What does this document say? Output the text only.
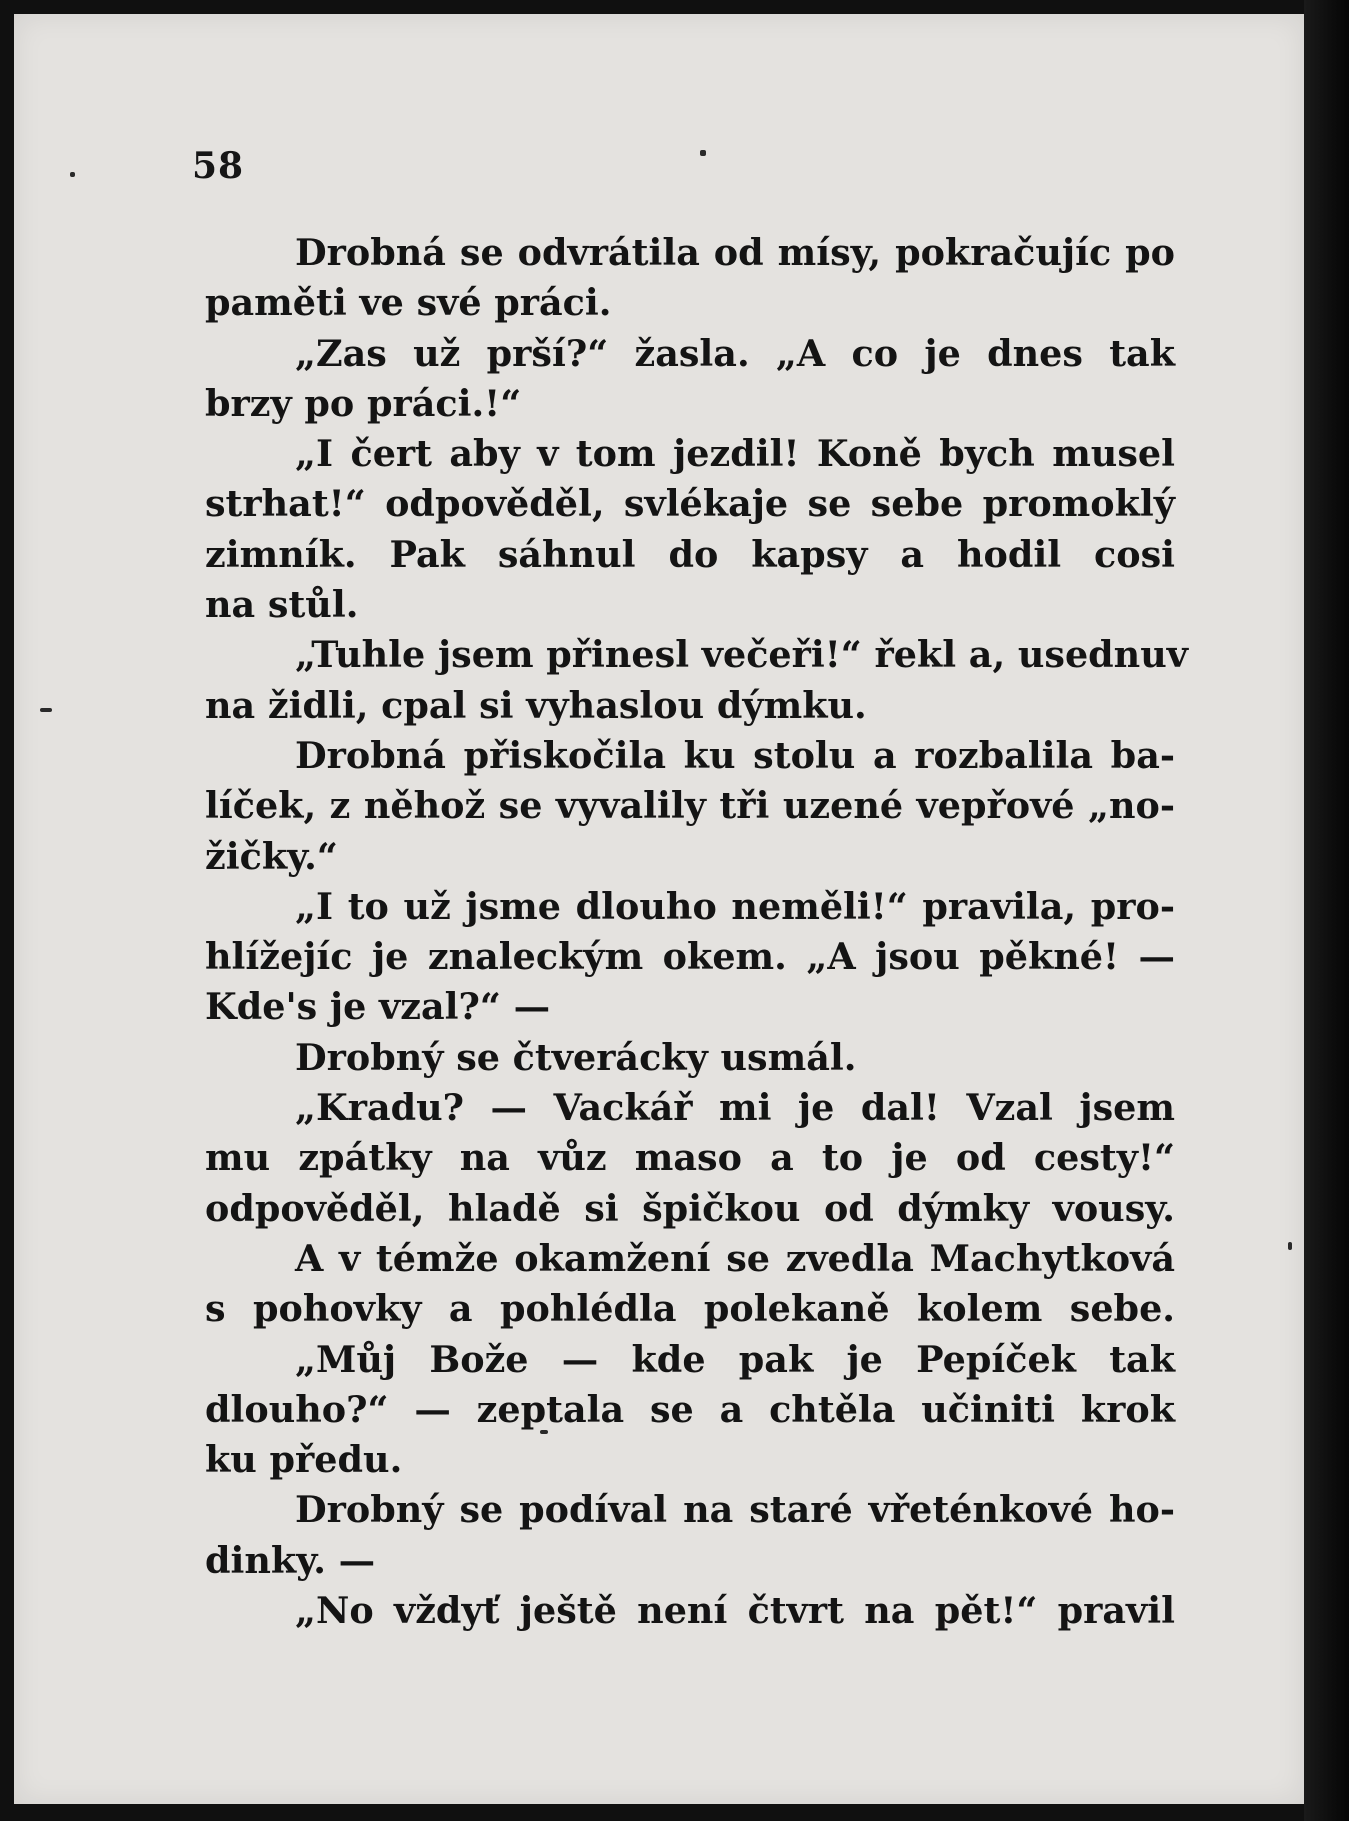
58
Drobná se odvrátila od mísy, pokračujíc po
paměti ve své práci.
„Zas už prší?“ žasla. „A co je dnes tak
brzy po práci.!“
„I čert aby v tom jezdil! Koně bych musel
strhat!“ odpověděl, svlékaje se sebe promoklý
zimník. Pak sáhnul do kapsy a hodil cosi
na stůl.
„Tuhle jsem přinesl večeři!“ řekl a, usednuv
na židli, cpal si vyhaslou dýmku.
Drobná přiskočila ku stolu a rozbalila ba-
líček, z něhož se vyvalily tři uzené vepřové „no-
žičky.“
„I to už jsme dlouho neměli!“ pravila, pro-
hlížejíc je znaleckým okem. „A jsou pěkné! —
Kde's je vzal?“ —
Drobný se čtverácky usmál.
„Kradu? — Vackář mi je dal! Vzal jsem
mu zpátky na vůz maso a to je od cesty!“
odpověděl, hladě si špičkou od dýmky vousy.
A v témže okamžení se zvedla Machytková
s pohovky a pohlédla polekaně kolem sebe.
„Můj Bože — kde pak je Pepíček tak
dlouho?“ — zeptala se a chtěla učiniti krok
ku předu.
Drobný se podíval na staré vřeténkové ho-
dinky. —
„No vždyť ještě není čtvrt na pět!“ pravil
